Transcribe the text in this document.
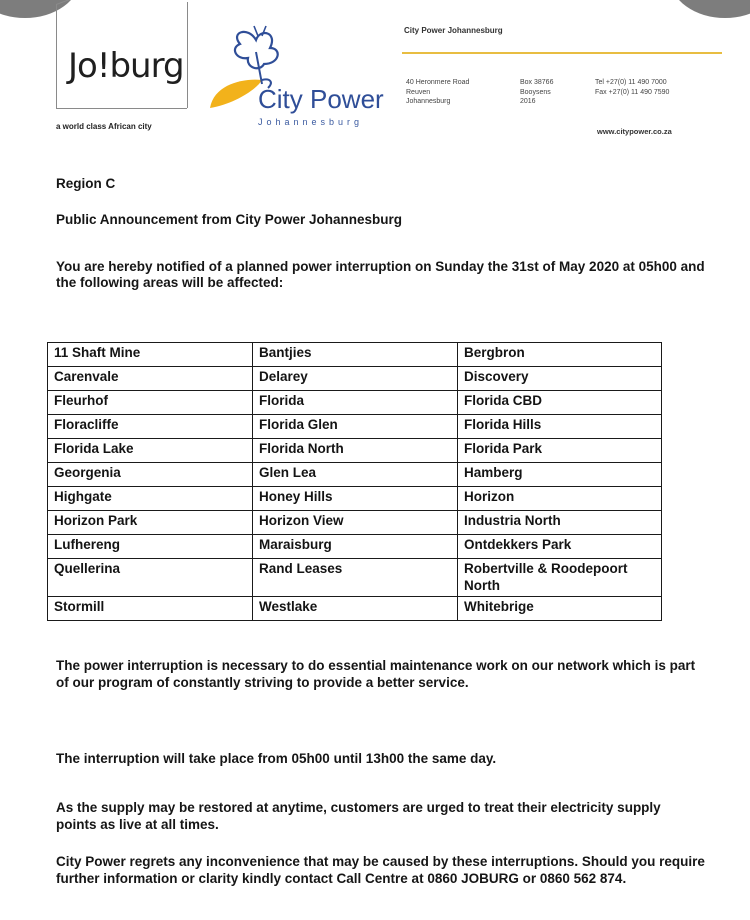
Jo!burg
a world class African city
City Power
Johannesburg
City Power Johannesburg
40 Heronmere Road
Reuven
Johannesburg
Box 38766
Booysens
2016
Tel +27(0) 11 490 7000
Fax +27(0) 11 490 7590
www.citypower.co.za
Region C
Public Announcement from City Power Johannesburg
You are hereby notified of a planned power interruption on Sunday the 31st of May 2020 at 05h00 and the following areas will be affected:
11 Shaft Mine	Bantjies	Bergbron
Carenvale	Delarey	Discovery
Fleurhof	Florida	Florida CBD
Floracliffe	Florida Glen	Florida Hills
Florida Lake	Florida North	Florida Park
Georgenia	Glen Lea	Hamberg
Highgate	Honey Hills	Horizon
Horizon Park	Horizon View	Industria North
Lufhereng	Maraisburg	Ontdekkers Park
Quellerina	Rand Leases	Robertville & Roodepoort North
Stormill	Westlake	Whitebrige
The power interruption is necessary to do essential maintenance work on our network which is part of our program of constantly striving to provide a better service.
The interruption will take place from 05h00 until 13h00 the same day.
As the supply may be restored at anytime, customers are urged to treat their electricity supply points as live at all times.
City Power regrets any inconvenience that may be caused by these interruptions. Should you require further information or clarity kindly contact Call Centre at 0860 JOBURG or 0860 562 874.
